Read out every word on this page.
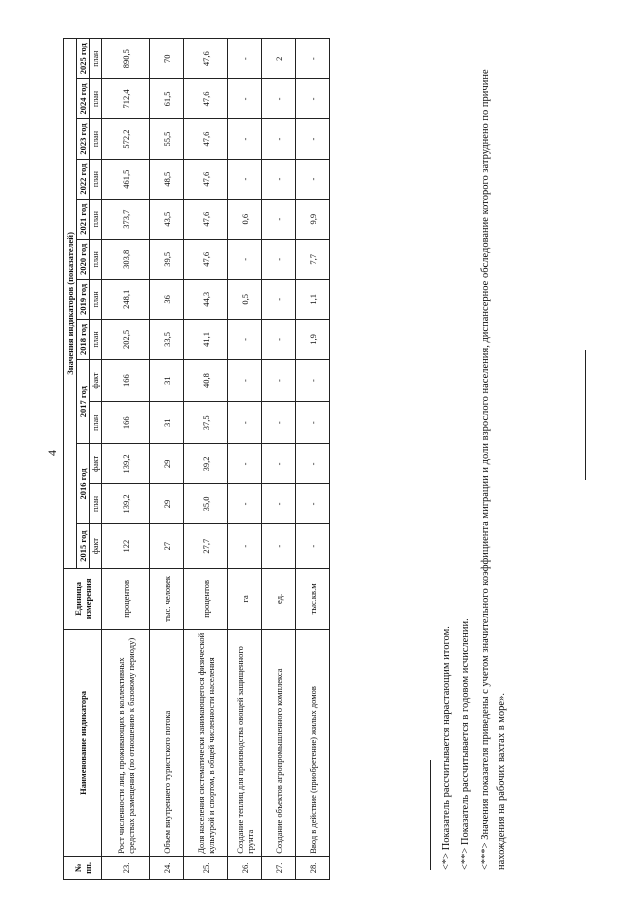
4
№ пп.	Наименование индикатора	Единица измерения	Значения индикаторов (показателей)												
			2015 год	2016 год		2017 год		2018 год	2019 год	2020 год	2021 год	2022 год	2023 год	2024 год	2025 год
			факт	план	факт	план	факт	план	план	план	план	план	план	план	план
23.	Рост численности лиц, проживающих в коллективных средствах размещения (по отношению к базовому периоду)	процентов	122	139,2	139,2	166	166	202,5	248,1	303,8	373,7	461,5	572,2	712,4	890,5
24.	Объем внутреннего туристского потока	тыс. человек	27	29	29	31	31	33,5	36	39,5	43,5	48,5	55,5	61,5	70
25.	Доля населения систематически занимающегося физической культурой и спортом, в общей численности населения	процентов	27,7	35,0	39,2	37,5	40,8	41,1	44,3	47,6	47,6	47,6	47,6	47,6	47,6
26.	Создание теплиц для производства овощей защищенного грунта	га	-	-	-	-	-	-	0,5	-	0,6	-	-	-	-
27.	Создание объектов агропромышленного комплекса	ед.	-	-	-	-	-	-	-	-	-	-	-	-	2
28.	Ввод в действие (приобретение) жилых домов	тыс.кв.м	-	-	-	-	-	1,9	1,1	7,7	9,9	-	-	-	-

<*> Показатель рассчитывается нарастающим итогом. <**> Показатель рассчитывается в годовом исчислении. <***> Значения показателя приведены с учетом значительного коэффициента миграции и доли взрослого населения, диспансерное обследование которого затруднено по причине нахождения на рабочих вахтах в море».
